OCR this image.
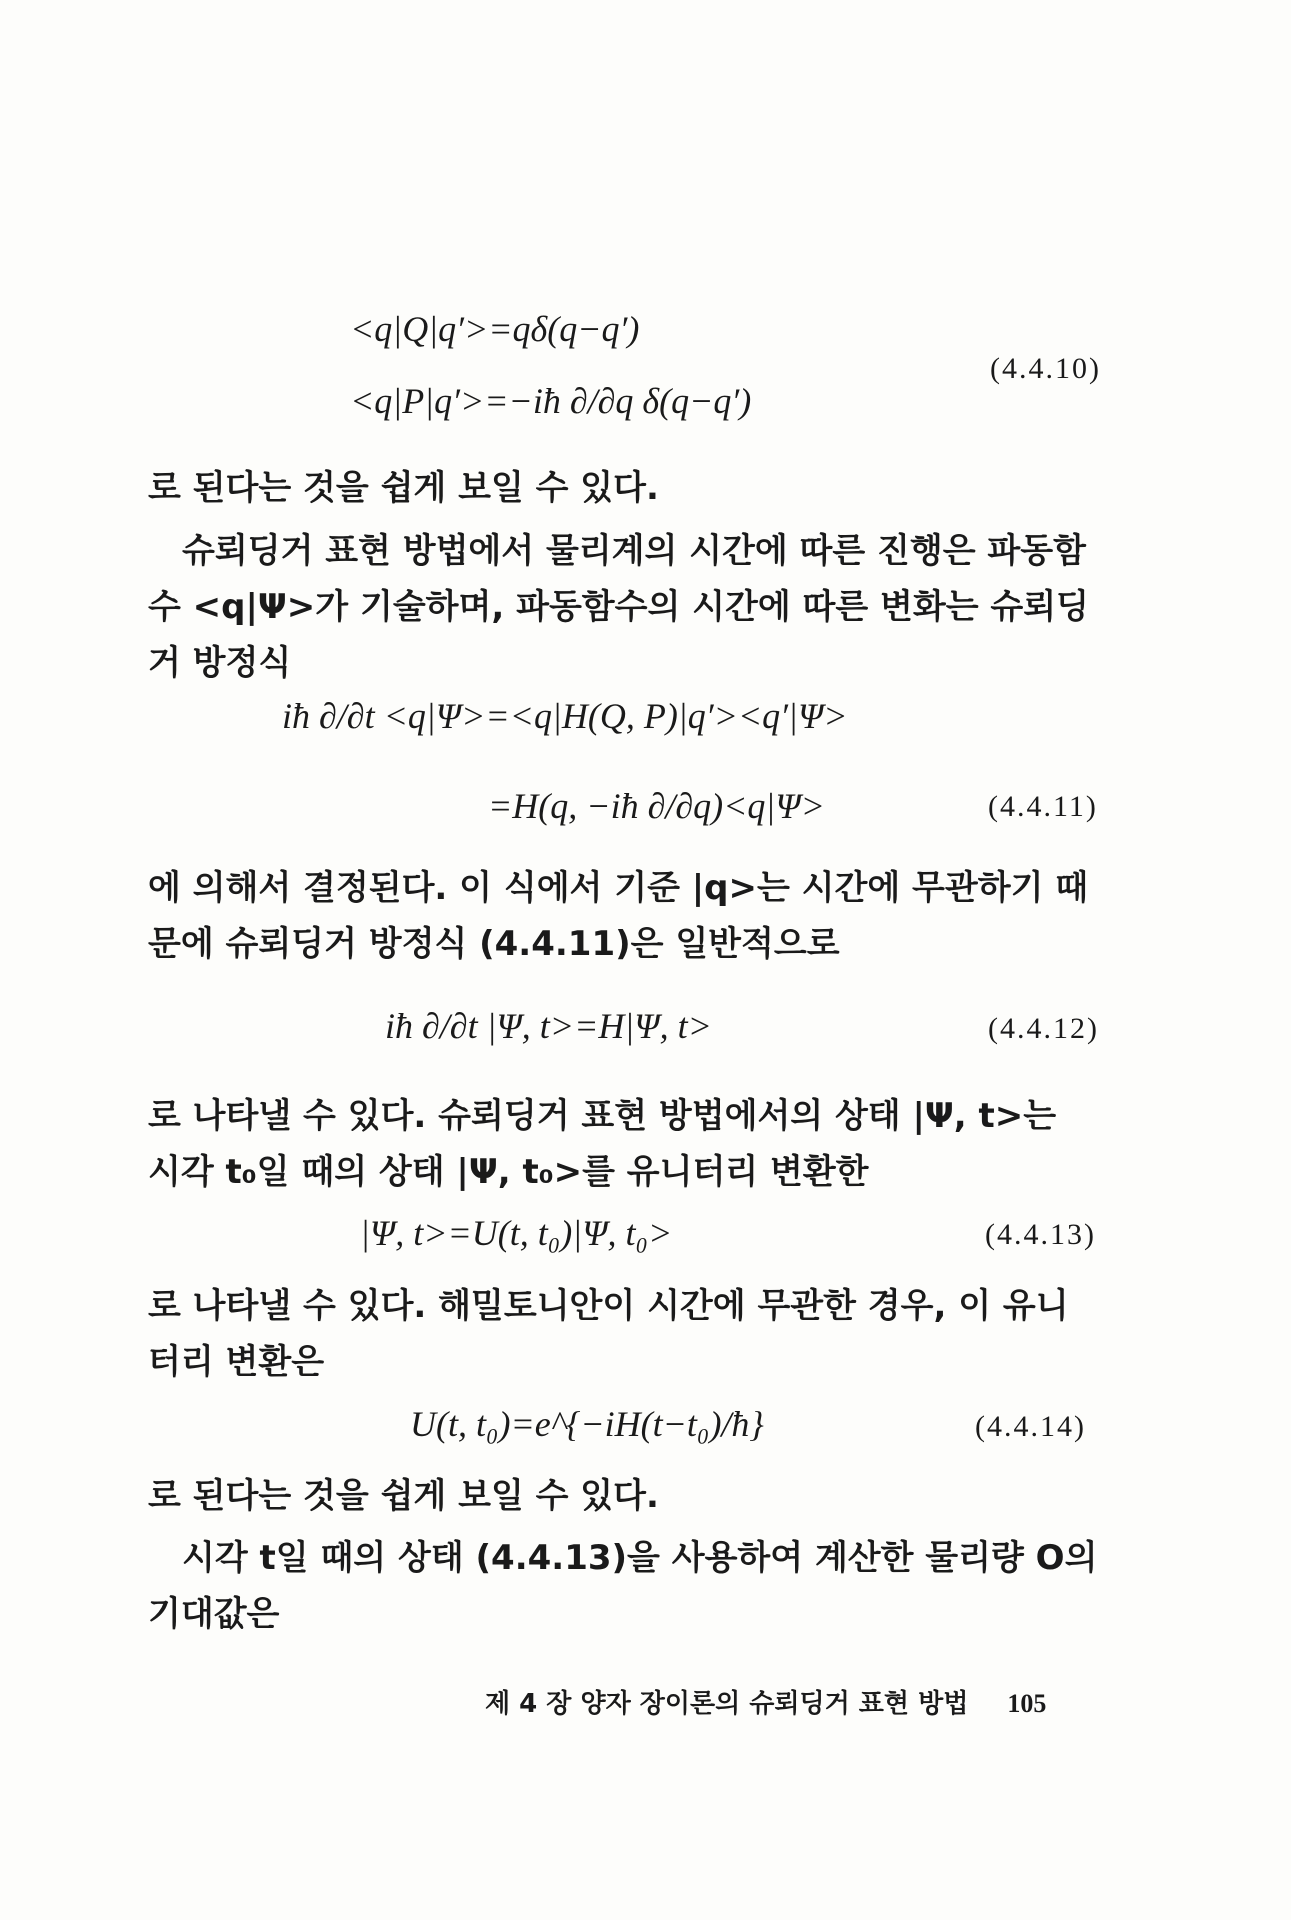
<q|Q|q′>=qδ(q−q′)
<q|P|q′>=−iħ ∂/∂q δ(q−q′)
(4.4.10)
로 된다는 것을 쉽게 보일 수 있다.
슈뢰딩거 표현 방법에서 물리계의 시간에 따른 진행은 파동함
수 <q|Ψ>가 기술하며, 파동함수의 시간에 따른 변화는 슈뢰딩
거 방정식
iħ ∂/∂t <q|Ψ>=<q|H(Q, P)|q′><q′|Ψ>
=H(q, −iħ ∂/∂q)<q|Ψ>	(4.4.11)
에 의해서 결정된다. 이 식에서 기준 |q>는 시간에 무관하기 때
문에 슈뢰딩거 방정식 (4.4.11)은 일반적으로
iħ ∂/∂t |Ψ, t>=H|Ψ, t>	(4.4.12)
로 나타낼 수 있다. 슈뢰딩거 표현 방법에서의 상태 |Ψ, t>는
시각 t₀일 때의 상태 |Ψ, t₀>를 유니터리 변환한
|Ψ, t>=U(t, t₀)|Ψ, t₀>	(4.4.13)
로 나타낼 수 있다. 해밀토니안이 시간에 무관한 경우, 이 유니
터리 변환은
U(t, t₀)=e^{−iH(t−t₀)/ħ}	(4.4.14)
로 된다는 것을 쉽게 보일 수 있다.
시각 t일 때의 상태 (4.4.13)을 사용하여 계산한 물리량 O의
기대값은
제 4 장 양자 장이론의 슈뢰딩거 표현 방법 105
